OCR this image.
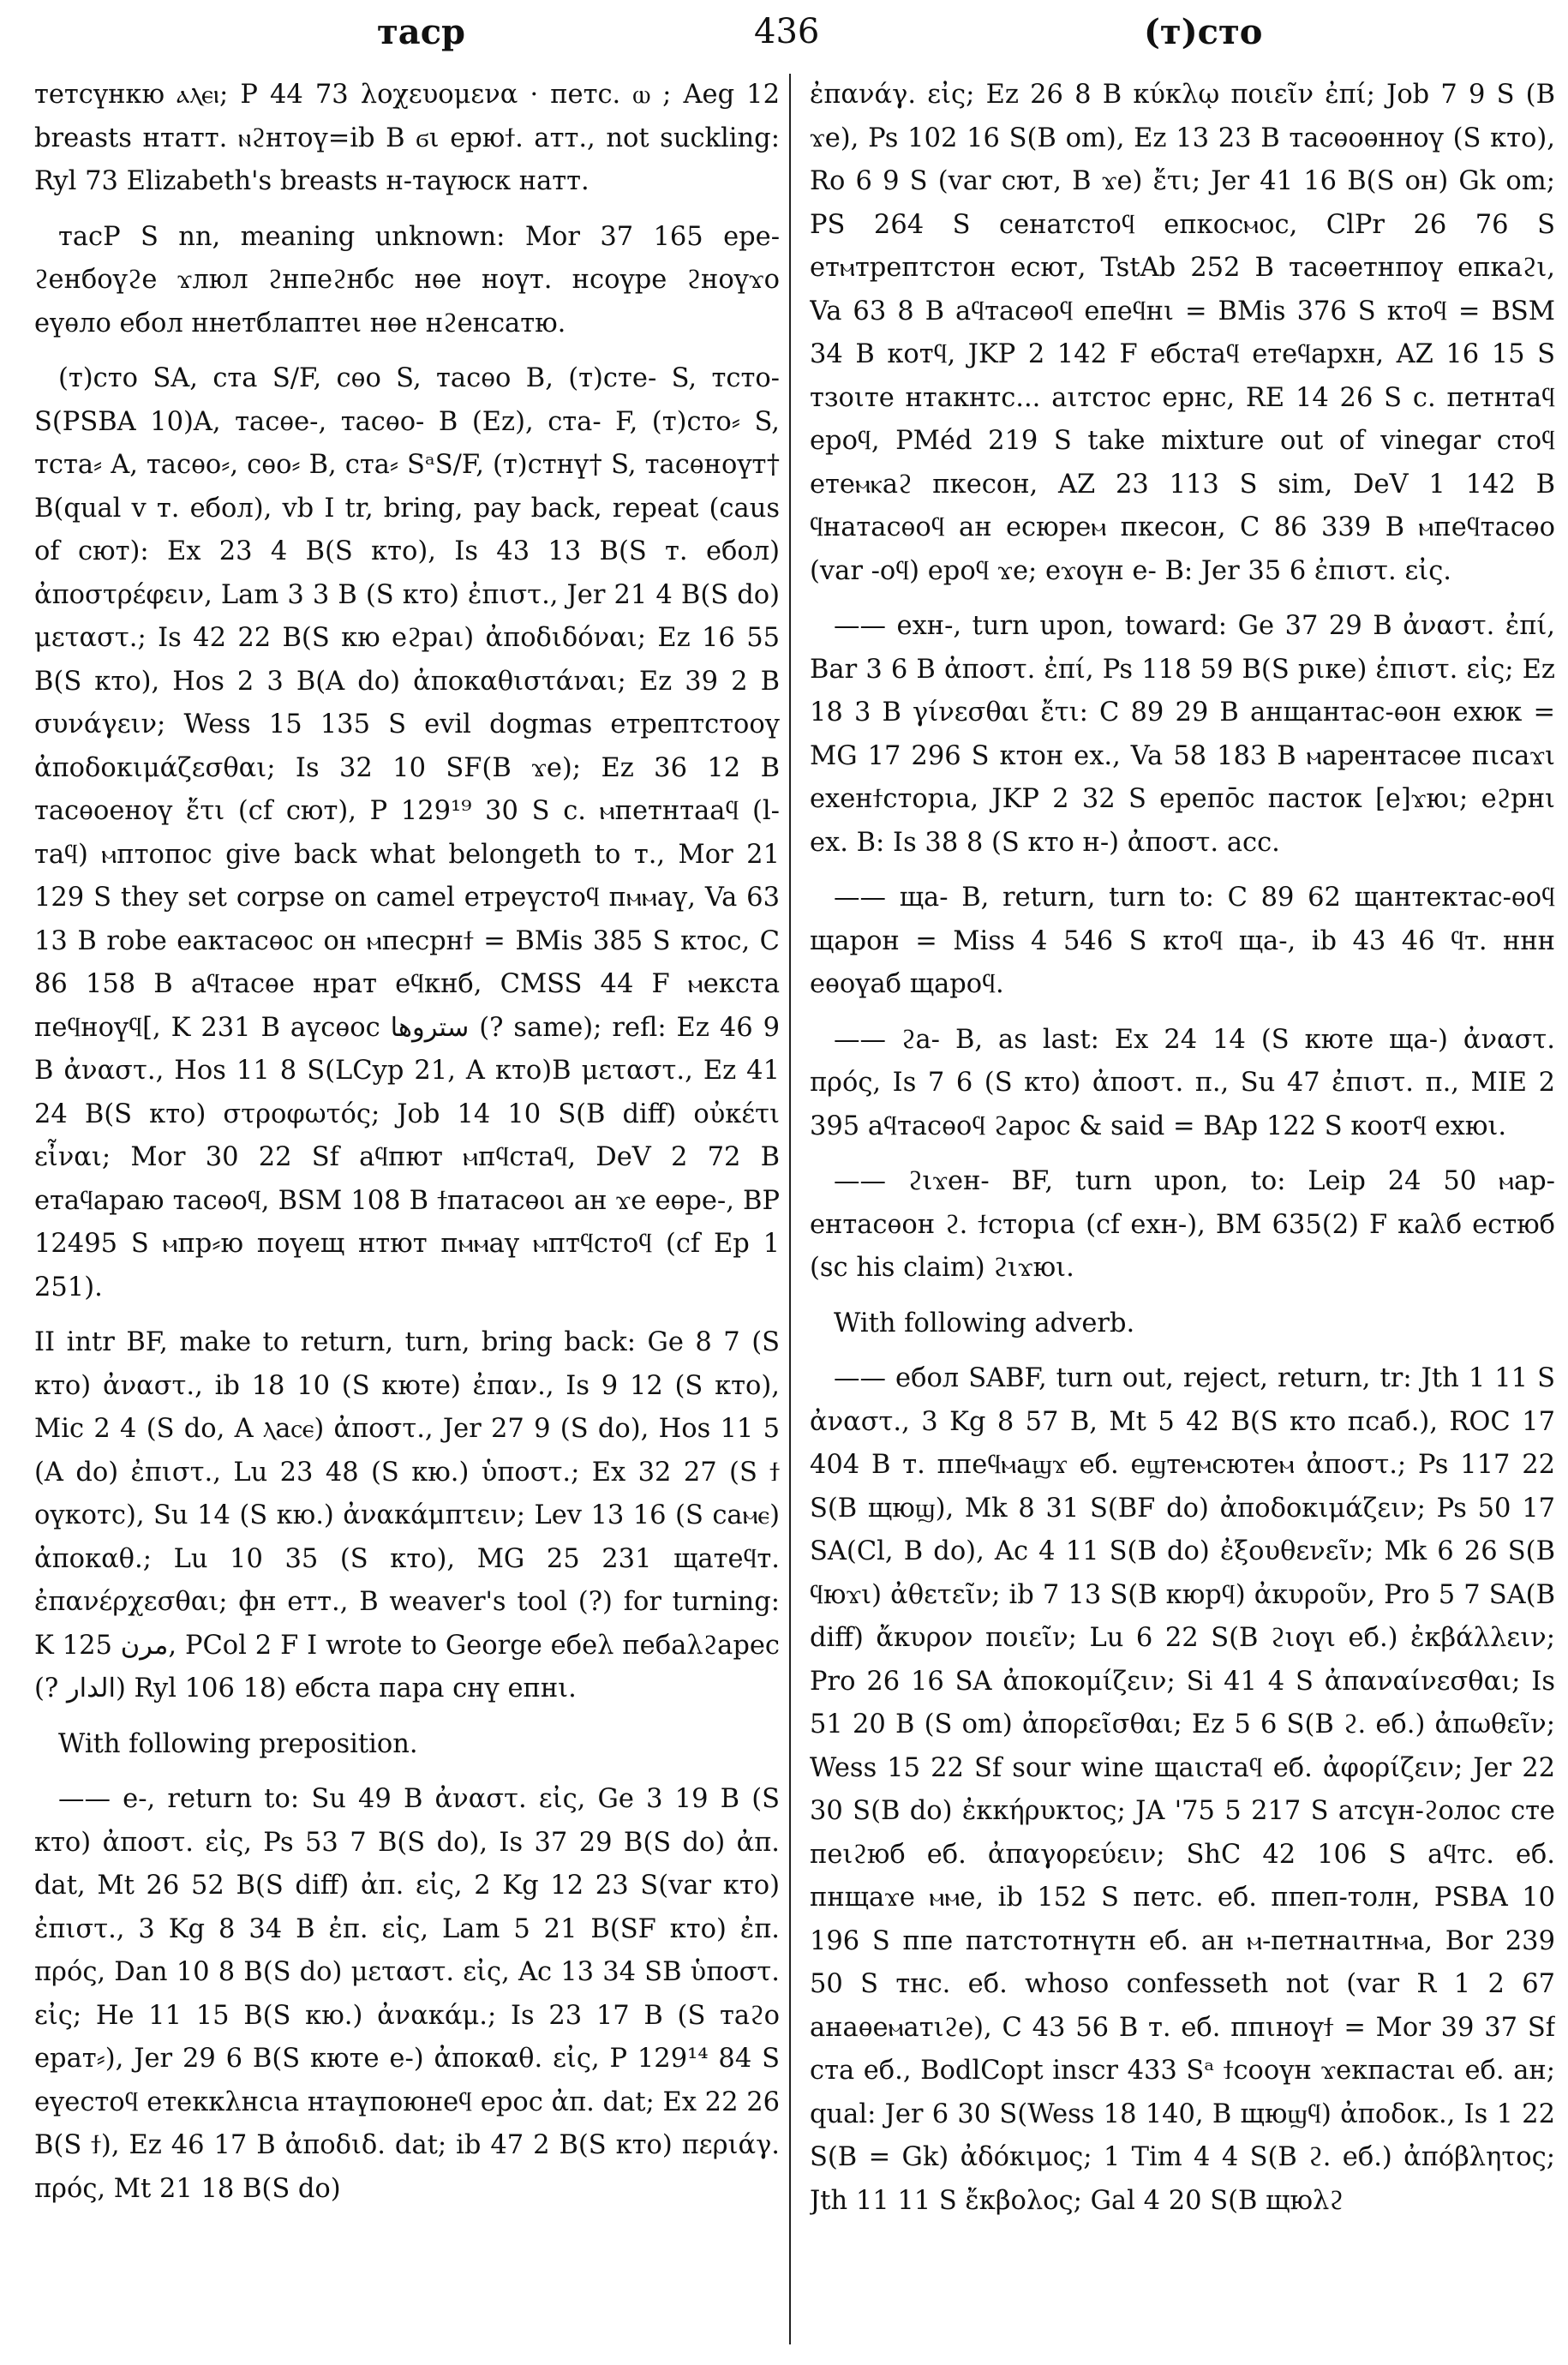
таср	436	(т)сто

тетсүнкю ⲁⲗⲉⲓ; P 44 73 λοχευομενα · петс. ⲱ ; Aeg 12 breasts нтатт. ⲛϩнтоү=ib B ϭι ерюϯ. атт., not suckling: Ryl 73 Elizabeth's breasts н-таүюск натт.

тасР S nn, meaning unknown: Mor 37 165 ере-ϩенбоүϩе ϫлюл ϩнпеϩнбс нѳе ноүт. нсоүре ϩноүϫо еүѳло ебол ннетблаптеι нѳе нϩенсатю.

(т)сто SA, ста S/F, сѳо S, тасѳо B, (т)сте- S, тсто- S(PSBA 10)A, тасѳе-, тасѳо- B (Ez), ста- F, (т)сто⸗ S, тста⸗ A, тасѳо⸗, сѳо⸗ B, ста⸗ SᵃS/F, (т)стнү† S, тасѳноүт† B(qual v т. ебол), vb I tr, bring, pay back, repeat (caus of сют): Ex 23 4 B(S кто), Is 43 13 B(S т. ебол) ἀποστρέφειν, Lam 3 3 B (S кто) ἐπιστ., Jer 21 4 B(S do) μεταστ.; Is 42 22 B(S кю еϩраι) ἀποδιδόναι; Ez 16 55 B(S кто), Hos 2 3 B(A do) ἀποκαθιστάναι; Ez 39 2 B συνάγειν; Wess 15 135 S evil dogmas етрептстооү ἀποδοκιμάζεσθαι; Is 32 10 SF(B ϫе); Ez 36 12 B тасѳоеноү ἔτι (cf сют), P 129¹⁹ 30 S c. ⲙпетнтааϥ (l-таϥ) ⲙптопос give back what belongeth to т., Mor 21 129 S they set corpse on camel етреүстоϥ пⲙⲙаү, Va 63 13 B robe еактасѳос он ⲙпесрнϯ = BMis 385 S ктос, C 86 158 B аϥтасѳе нрат еϥкнб, CMSS 44 F ⲙекста пеϥноүϥ[, K 231 B аүсѳос ستروها (? same); refl: Ez 46 9 B ἀναστ., Hos 11 8 S(LCyp 21, A кто)B μεταστ., Ez 41 24 B(S кто) στροφωτός; Job 14 10 S(B diff) οὐκέτι εἶναι; Mor 30 22 Sf аϥпют ⲙпϥстаϥ, DeV 2 72 B етаϥараю тасѳоϥ, BSM 108 B ϯпатасѳоι ан ϫе еѳре-, BP 12495 S ⲙпр⸗ю поүещ нтют пⲙⲙаү ⲙптϥстоϥ (cf Ep 1 251).

II intr BF, make to return, turn, bring back: Ge 8 7 (S кто) ἀναστ., ib 18 10 (S кюте) ἐπαν., Is 9 12 (S кто), Mic 2 4 (S do, A ⲗаⲥⲉ) ἀποστ., Jer 27 9 (S do), Hos 11 5 (A do) ἐπιστ., Lu 23 48 (S кю.) ὑποστ.; Ex 32 27 (S ϯ оүкотс), Su 14 (S кю.) ἀνακάμπτειν; Lev 13 16 (S саⲙⲉ) ἀποκαθ.; Lu 10 35 (S кто), MG 25 231 щатеϥт. ἐπανέρχεσθαι; фн етт., B weaver's tool (?) for turning: K 125 مرن, PCol 2 F I wrote to George ебеλ пебаλϩарес (? الدار) Ryl 106 18) ебста пара снү епнι.

With following preposition.

—— е-, return to: Su 49 B ἀναστ. εἰς, Ge 3 19 B (S кто) ἀποστ. εἰς, Ps 53 7 B(S do), Is 37 29 B(S do) ἀπ. dat, Mt 26 52 B(S diff) ἀπ. εἰς, 2 Kg 12 23 S(var кто) ἐπιστ., 3 Kg 8 34 B ἐπ. εἰς, Lam 5 21 B(SF кто) ἐπ. πρός, Dan 10 8 B(S do) μεταστ. εἰς, Ac 13 34 SB ὑποστ. εἰς; He 11 15 B(S кю.) ἀνακάμ.; Is 23 17 B (S таϩо ерат⸗), Jer 29 6 B(S кюте е-) ἀποκαθ. εἰς, P 129¹⁴ 84 S еүестоϥ етеккλнсιа нтаүпоюнеϥ ерос ἀπ. dat; Ex 22 26 B(S ϯ), Ez 46 17 B ἀποδιδ. dat; ib 47 2 B(S кто) περιάγ. πρός, Mt 21 18 B(S do)

ἐπανάγ. εἰς; Ez 26 8 B κύκλῳ ποιεῖν ἐπί; Job 7 9 S (B ϫе), Ps 102 16 S(B om), Ez 13 23 B тасѳоѳнноү (S кто), Ro 6 9 S (var сют, B ϫе) ἔτι; Jer 41 16 B(S он) Gk om; PS 264 S сенатстоϥ епкосⲙос, ClPr 26 76 S етⲙтрептстон есют, TstAb 252 B тасѳетнпоү епкаϩι, Va 63 8 B аϥтасѳоϥ епеϥнι = BMis 376 S ктоϥ = BSM 34 B котϥ, JKP 2 142 F ебстаϥ етеϥархн, AZ 16 15 S тзοιте нтакнтс... аιтстос ернс, RE 14 26 S c. петнтаϥ ероϥ, PMéd 219 S take mixture out of vinegar стоϥ етеⲙⲕаϩ пкесон, AZ 23 113 S sim, DeV 1 142 B ϥнатасѳоϥ ан есюреⲙ пкесон, C 86 339 B ⲙпеϥтасѳо (var -оϥ) ероϥ ϫе; еϫоүн е- B: Jer 35 6 ἐπιστ. εἰς.

—— ехн-, turn upon, toward: Ge 37 29 B ἀναστ. ἐπί, Bar 3 6 B ἀποστ. ἐπί, Ps 118 59 B(S рιке) ἐπιστ. εἰς; Ez 18 3 B γίνεσθαι ἔτι: C 89 29 B анщантас-ѳон ехюк = MG 17 296 S ктон ех., Va 58 183 B ⲙарентасѳе пιсаϫι ехенϯсторιа, JKP 2 32 S ерепо̄с пасток [е]ϫюι; еϩрнι ех. B: Is 38 8 (S кто н-) ἀποστ. acc.

—— ща- B, return, turn to: C 89 62 щантектас-ѳоϥ щарон = Miss 4 546 S ктоϥ ща-, ib 43 46 ϥт. ннн еѳоүаб щароϥ.

—— ϩа- B, as last: Ex 24 14 (S кюте ща-) ἀναστ. πρός, Is 7 6 (S кто) ἀποστ. π., Su 47 ἐπιστ. π., MIE 2 395 аϥтасѳоϥ ϩарос & said = BAp 122 S коотϥ ехюι.

—— ϩιϫен- BF, turn upon, to: Leip 24 50 ⲙар-ентасѳон ϩ. ϯсторιа (cf ехн-), BM 635(2) F каλб естюб (sc his claim) ϩιϫюι.

With following adverb.

—— ебол SABF, turn out, reject, return, tr: Jth 1 11 S ἀναστ., 3 Kg 8 57 B, Mt 5 42 B(S кто псаб.), ROC 17 404 B т. ппеϥⲙаϣϫ еб. еϣтеⲙсютеⲙ ἀποστ.; Ps 117 22 S(B щюϣ), Mk 8 31 S(BF do) ἀποδοκιμάζειν; Ps 50 17 SA(Cl, B do), Ac 4 11 S(B do) ἐξουθενεῖν; Mk 6 26 S(B ϥюϫι) ἀθετεῖν; ib 7 13 S(B кюрϥ) ἀκυροῦν, Pro 5 7 SA(B diff) ἄκυρον ποιεῖν; Lu 6 22 S(B ϩιоүι еб.) ἐκβάλλειν; Pro 26 16 SA ἀποκομίζειν; Si 41 4 S ἀπαναίνεσθαι; Is 51 20 B (S om) ἀπορεῖσθαι; Ez 5 6 S(B ϩ. еб.) ἀπωθεῖν; Wess 15 22 Sf sour wine щаιстаϥ еб. ἀφορίζειν; Jer 22 30 S(B do) ἐκκήρυκτος; JA '75 5 217 S атсүн-ϩолос сте пеιϩюб еб. ἀπαγορεύειν; ShC 42 106 S аϥтс. еб. пнщаϫе ⲙⲙе, ib 152 S петс. еб. ппеп-толн, PSBA 10 196 S ппе патстотнүтн еб. ан ⲙ-петнаιтнⲙа, Bor 239 50 S тнс. еб. whoso confesseth not (var R 1 2 67 анаѳеⲙатιϩе), C 43 56 B т. еб. ппιноүϯ = Mor 39 37 Sf ста еб., BodlCopt inscr 433 Sᵃ ϯсооүн ϫекпастаι еб. ан; qual: Jer 6 30 S(Wess 18 140, B щюϣϥ) ἀποδοκ., Is 1 22 S(B = Gk) ἀδόκιμος; 1 Tim 4 4 S(B ϩ. еб.) ἀπόβλητος; Jth 11 11 S ἔκβολος; Gal 4 20 S(B щюλϩ
